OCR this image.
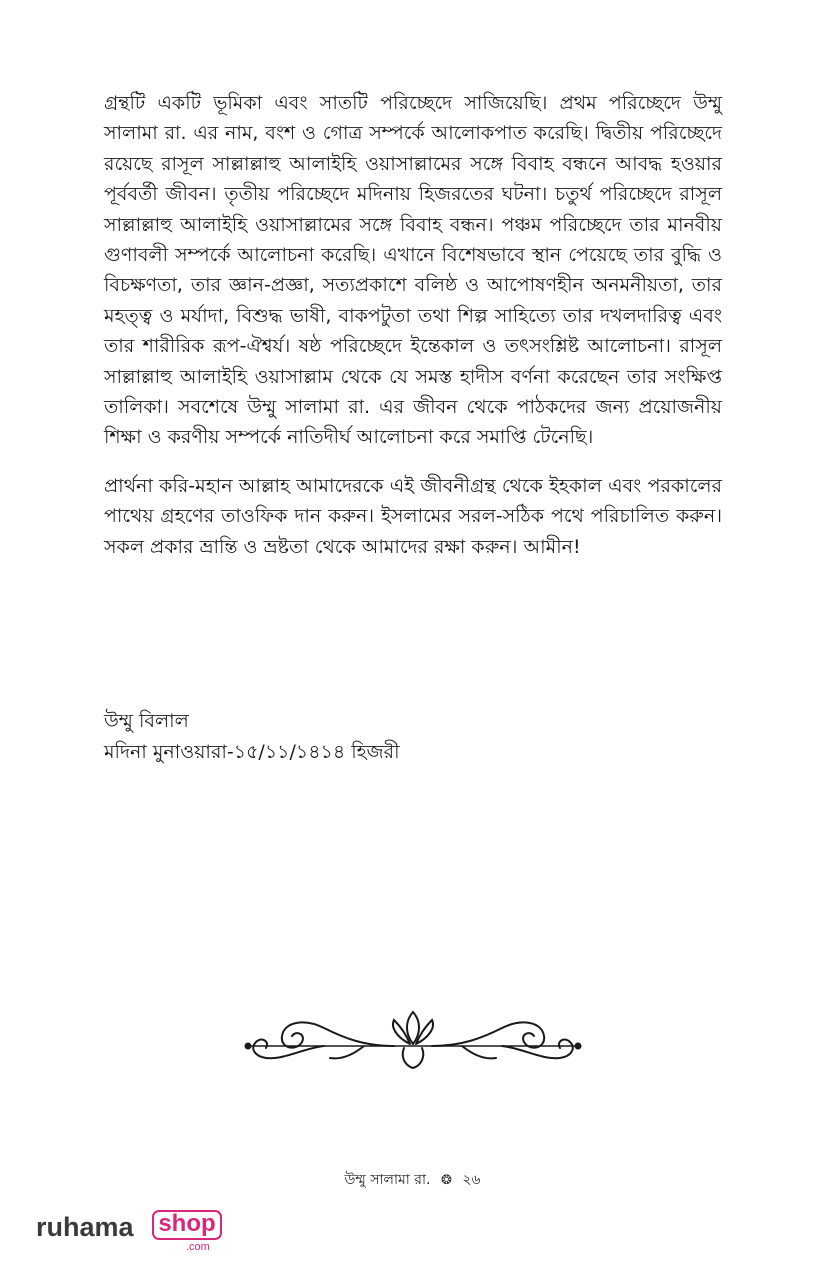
গ্রন্থটি একটি ভূমিকা এবং সাতটি পরিচ্ছেদে সাজিয়েছি। প্রথম পরিচ্ছেদে উম্মু সালামা রা. এর নাম, বংশ ও গোত্র সম্পর্কে আলোকপাত করেছি। দ্বিতীয় পরিচ্ছেদে রয়েছে রাসূল সাল্লাল্লাহু আলাইহি ওয়াসাল্লামের সঙ্গে বিবাহ বন্ধনে আবদ্ধ হওয়ার পূর্ববর্তী জীবন। তৃতীয় পরিচ্ছেদে মদিনায় হিজরতের ঘটনা। চতুর্থ পরিচ্ছেদে রাসূল সাল্লাল্লাহু আলাইহি ওয়াসাল্লামের সঙ্গে বিবাহ বন্ধন। পঞ্চম পরিচ্ছেদে তার মানবীয় গুণাবলী সম্পর্কে আলোচনা করেছি। এখানে বিশেষভাবে স্থান পেয়েছে তার বুদ্ধি ও বিচক্ষণতা, তার জ্ঞান-প্রজ্ঞা, সত্যপ্রকাশে বলিষ্ঠ ও আপোষণহীন অনমনীয়তা, তার মহত্ত্ব ও মর্যাদা, বিশুদ্ধ ভাষী, বাকপটুতা তথা শিল্প সাহিত্যে তার দখলদারিত্ব এবং তার শারীরিক রূপ-ঐশ্বর্য। ষষ্ঠ পরিচ্ছেদে ইন্তেকাল ও তৎসংশ্লিষ্ট আলোচনা। রাসূল সাল্লাল্লাহু আলাইহি ওয়াসাল্লাম থেকে যে সমস্ত হাদীস বর্ণনা করেছেন তার সংক্ষিপ্ত তালিকা। সবশেষে উম্মু সালামা রা. এর জীবন থেকে পাঠকদের জন্য প্রয়োজনীয় শিক্ষা ও করণীয় সম্পর্কে নাতিদীর্ঘ আলোচনা করে সমাপ্তি টেনেছি।

প্রার্থনা করি-মহান আল্লাহ আমাদেরকে এই জীবনীগ্রন্থ থেকে ইহকাল এবং পরকালের পাথেয় গ্রহণের তাওফিক দান করুন। ইসলামের সরল-সঠিক পথে পরিচালিত করুন। সকল প্রকার ভ্রান্তি ও ভ্রষ্টতা থেকে আমাদের রক্ষা করুন। আমীন!

উম্মু বিলাল
মদিনা মুনাওয়ারা-১৫/১১/১৪১৪ হিজরী
উম্মু সালামা রা. ❂ ২৬
ruhama shop
.com
